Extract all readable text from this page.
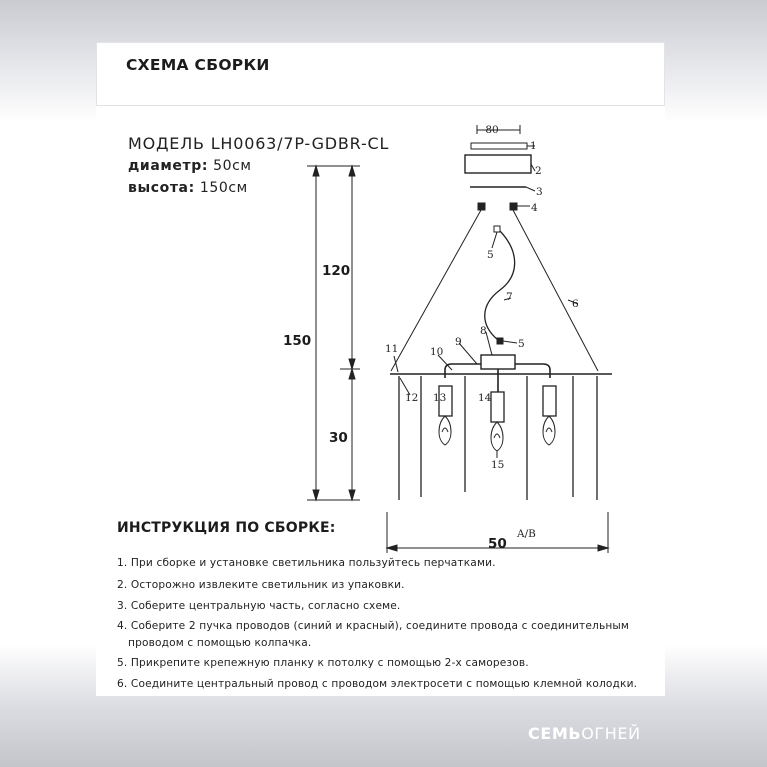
СХЕМА СБОРКИ
МОДЕЛЬ LH0063/7P-GDBR-CL
диаметр: 50см
высота: 150см
80
1
2
3
4
5
6
7
8
5
9
10
11
12 13	14
15
A/B
150
120
30
50
ИНСТРУКЦИЯ ПО СБОРКЕ:
1. При сборке и установке светильника пользуйтесь перчатками.
2. Осторожно извлеките светильник из упаковки.
3. Соберите центральную часть, согласно схеме.
4. Соберите 2 пучка проводов (синий и красный), соедините провода с соединительным
проводом с помощью колпачка.
5. Прикрепите крепежную планку к потолку с помощью 2-х саморезов.
6. Соедините центральный провод с проводом электросети с помощью клемной колодки.
СЕМЬОГНЕЙ
